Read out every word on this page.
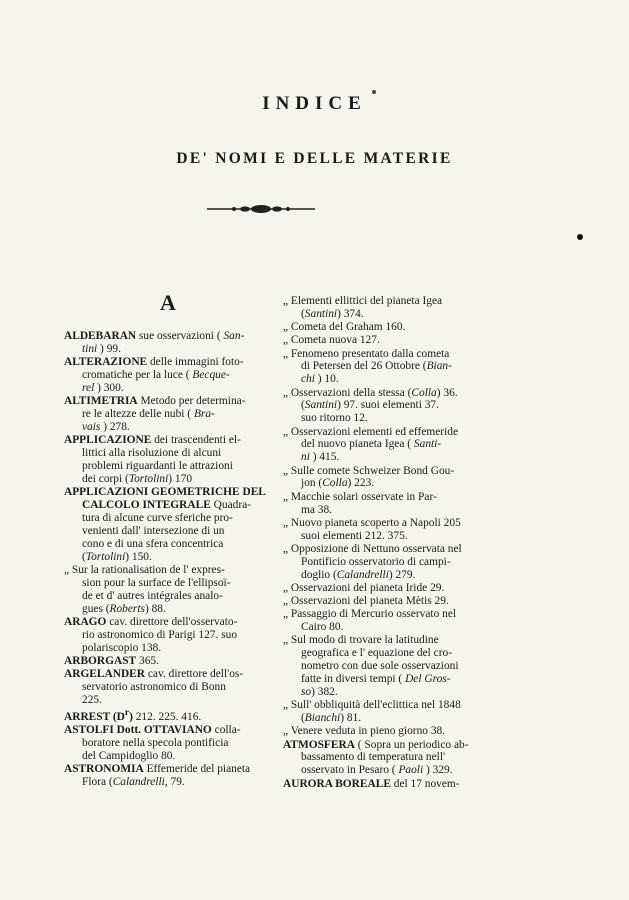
INDICE
DE' NOMI E DELLE MATERIE
A
ALDEBARAN sue osservazioni ( San-
tini ) 99.
ALTERAZIONE delle immagini foto-
cromatiche per la luce ( Becque-
rel ) 300.
ALTIMETRIA Metodo per determina-
re le altezze delle nubi ( Bra-
vais ) 278.
APPLICAZIONE dei trascendenti el-
littici alla risoluzione di alcuni
problemi riguardanti le attrazioni
dei corpi (Tortolini) 170
APPLICAZIONI GEOMETRICHE DEL
CALCOLO INTEGRALE Quadra-
tura di alcune curve sferiche pro-
venienti dall' intersezione di un
cono e di una sfera concentrica
(Tortolini) 150.
„ Sur la rationalisation de l' expres-
sion pour la surface de l'ellipsoï-
de et d' autres intégrales analo-
gues (Roberts) 88.
ARAGO cav. direttore dell'osservato-
rio astronomico di Parigi 127. suo
polariscopio 138.
ARBORGAST 365.
ARGELANDER cav. direttore dell'os-
servatorio astronomico di Bonn
225.
ARREST $(D^r)$ 212. 225. 416.
ASTOLFI Dott. OTTAVIANO colla-
boratore nella specola pontificia
del Campidoglio 80.
ASTRONOMIA Effemeride del pianeta
Flora (Calandrelli, 79.
„ Elementi ellittici del pianeta Igea
(Santini) 374.
„ Cometa del Graham 160.
„ Cometa nuova 127.
„ Fenomeno presentato dalla cometa
di Petersen del 26 Ottobre (Bian-
chi ) 10.
„ Osservazioni della stessa (Colla) 36.
(Santini) 97. suoi elementi 37.
suo ritorno 12.
„ Osservazioni elementi ed effemeride
del nuovo pianeta Igea ( Santi-
ni ) 415.
„ Sulle comete Schweizer Bond Gou-
jon (Colla) 223.
„ Macchie solari osservate in Par-
ma 38.
„ Nuovo pianeta scoperto a Napoli 205
suoi elementi 212. 375.
„ Opposizione di Nettuno osservata nel
Pontificio osservatorio di campi-
doglio (Calandrelli) 279.
„ Osservazioni del pianeta Iride 29.
„ Osservazioni del pianeta Mètis 29.
„ Passaggio di Mercurio osservato nel
Cairo 80.
„ Sul modo di trovare la latitudine
geografica e l' equazione del cro-
nometro con due sole osservazioni
fatte in diversi tempi ( Del Gros-
so) 382.
„ Sull' obbliquità dell'eclittica nel 1848
(Bianchi) 81.
„ Venere veduta in pieno giorno 38.
ATMOSFERA ( Sopra un periodico ab-
bassamento di temperatura nell'
osservato in Pesaro ( Paoli ) 329.
AURORA BOREALE del 17 novem-
